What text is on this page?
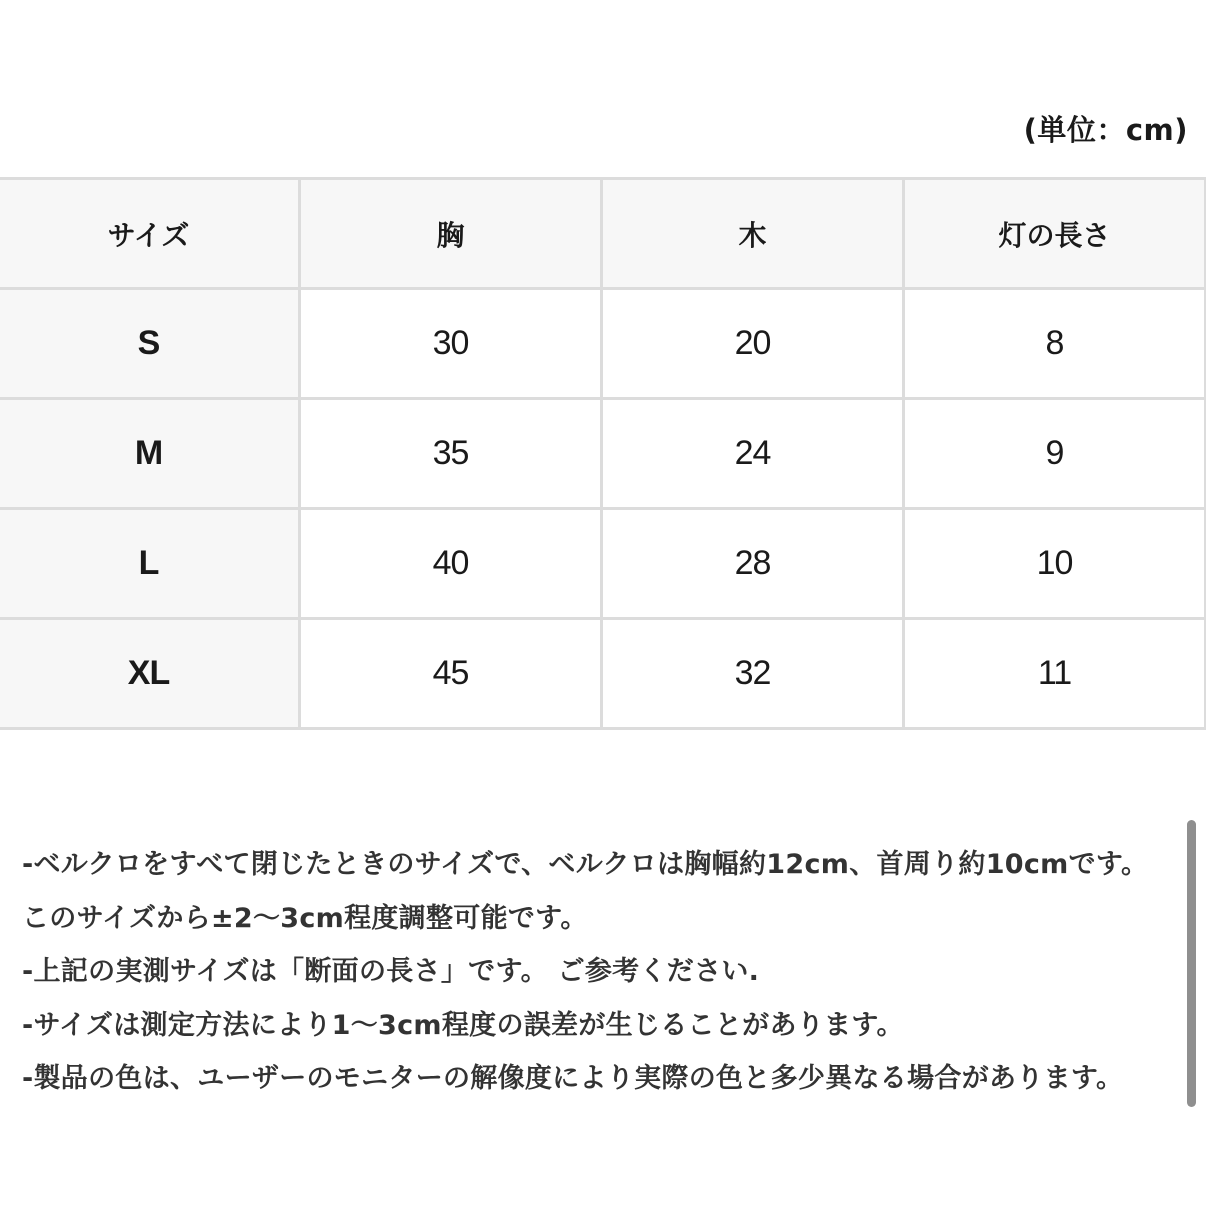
(単位：cm)
サイズ	胸	木	灯の長さ
S	30	20	8
M	35	24	9
L	40	28	10
XL	45	32	11
-ベルクロをすべて閉じたときのサイズで、ベルクロは胸幅約12cm、首周り約10cmです。
このサイズから±2〜3cm程度調整可能です。
-上記の実測サイズは「断面の長さ」です。 ご参考ください.
-サイズは測定方法により1〜3cm程度の誤差が生じることがあります。
-製品の色は、ユーザーのモニターの解像度により実際の色と多少異なる場合があります。
